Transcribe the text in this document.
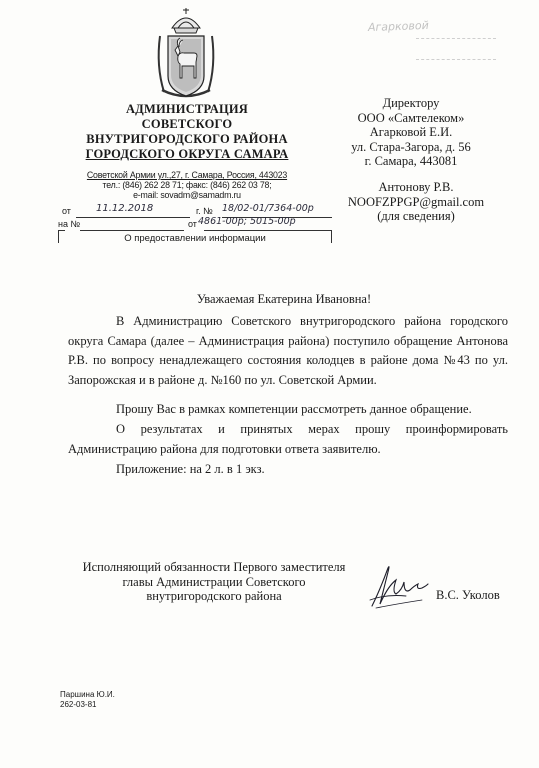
Агарковой
АДМИНИСТРАЦИЯ
СОВЕТСКОГО
ВНУТРИГОРОДСКОГО РАЙОНА
ГОРОДСКОГО ОКРУГА САМАРА
Советской Армии ул.,27, г. Самара, Россия, 443023
тел.: (846) 262 28 71; факс: (846) 262 03 78;
e-mail: sovadm@samadm.ru
от	11.12.2018	г. № 18/02-01/7364-00р
на №	от 4861-00р; 5015-00р
О предоставлении информации
Директору
ООО «Самтелеком»
Агарковой Е.И.
ул. Стара-Загора, д. 56
г. Самара, 443081
Антонову Р.В.
NOOFZPPGP@gmail.com
(для сведения)
Уважаемая Екатерина Ивановна!
В Администрацию Советского внутригородского района городского округа Самара (далее – Администрация района) поступило обращение Антонова Р.В. по вопросу ненадлежащего состояния колодцев в районе дома №43 по ул. Запорожская и в районе д. №160 по ул. Советской Армии.
Прошу Вас в рамках компетенции рассмотреть данное обращение.
О результатах и принятых мерах прошу проинформировать Администрацию района для подготовки ответа заявителю.
Приложение: на 2 л. в 1 экз.
Исполняющий обязанности Первого заместителя
главы Администрации Советского
внутригородского района	В.С. Уколов
Паршина Ю.И.
262-03-81
